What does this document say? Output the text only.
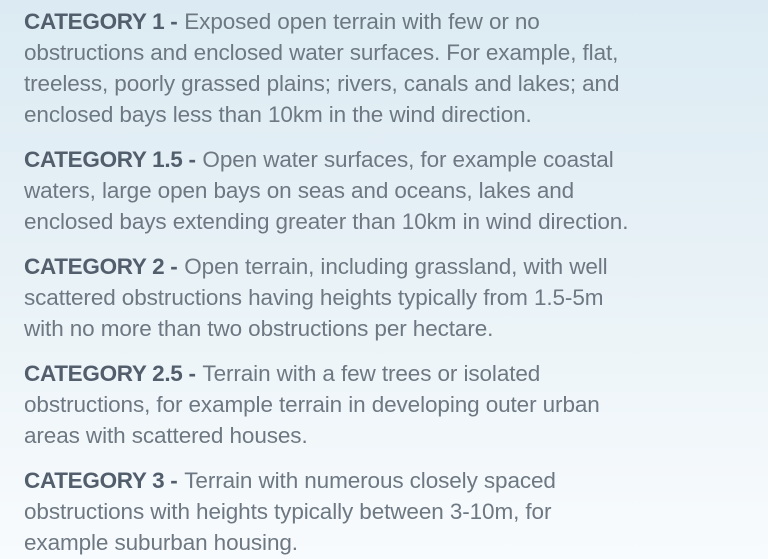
CATEGORY 1 - Exposed open terrain with few or no
obstructions and enclosed water surfaces. For example, flat,
treeless, poorly grassed plains; rivers, canals and lakes; and
enclosed bays less than 10km in the wind direction.

CATEGORY 1.5 - Open water surfaces, for example coastal
waters, large open bays on seas and oceans, lakes and
enclosed bays extending greater than 10km in wind direction.

CATEGORY 2 - Open terrain, including grassland, with well
scattered obstructions having heights typically from 1.5-5m
with no more than two obstructions per hectare.

CATEGORY 2.5 - Terrain with a few trees or isolated
obstructions, for example terrain in developing outer urban
areas with scattered houses.

CATEGORY 3 - Terrain with numerous closely spaced
obstructions with heights typically between 3-10m, for
example suburban housing.
